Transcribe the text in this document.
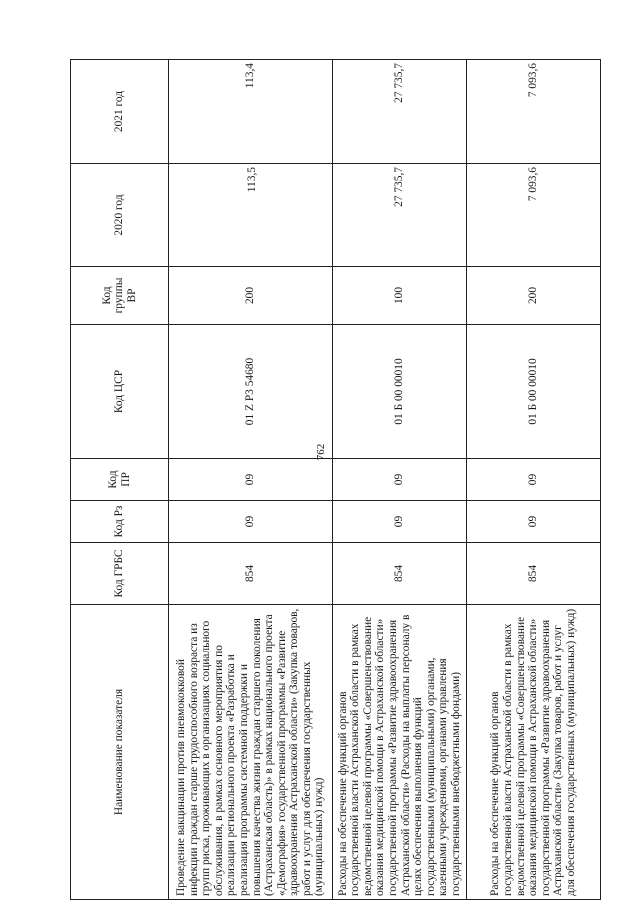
762
Наименование показателя	Код ГРБС	Код Рз	Код ПР	Код ЦСР	Код группы ВР	2020 год	2021 год
Проведение вакцинации против пневмококковой инфекции граждан старше трудоспособного возраста из групп риска, проживающих в организациях социального обслуживания, в рамках основного мероприятия по реализации регионального проекта «Разработка и реализация программы системной поддержки и повышения качества жизни граждан старшего поколения (Астраханская область)» в рамках национального проекта «Демография» государственной программы «Развитие здравоохранения Астраханской области» (Закупка товаров, работ и услуг для обеспечения государственных (муниципальных) нужд)	854	09	09	01 Z P3 54680	200	113,5	113,4
Расходы на обеспечение функций органов государственной власти Астраханской области в рамках ведомственной целевой программы «Совершенствование оказания медицинской помощи в Астраханской области» государственной программы «Развитие здравоохранения Астраханской области» (Расходы на выплаты персоналу в целях обеспечения выполнения функций государственными (муниципальными) органами, казенными учреждениями, органами управления государственными внебюджетными фондами)	854	09	09	01 Б 00 00010	100	27 735,7	27 735,7
Расходы на обеспечение функций органов государственной власти Астраханской области в рамках ведомственной целевой программы «Совершенствование оказания медицинской помощи в Астраханской области» государственной программы «Развитие здравоохранения Астраханской области» (Закупка товаров, работ и услуг для обеспечения государственных (муниципальных) нужд)	854	09	09	01 Б 00 00010	200	7 093,6	7 093,6
